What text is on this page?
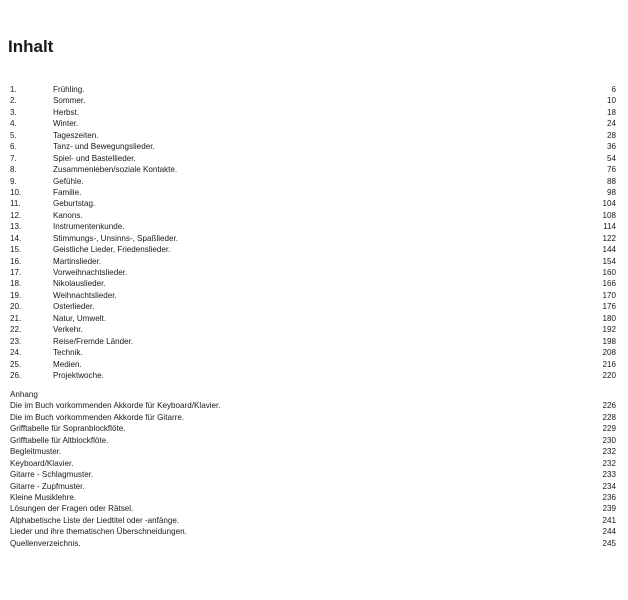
Inhalt
1.	Frühling.	6
2.	Sommer.	10
3.	Herbst.	18
4.	Winter.	24
5.	Tageszeiten.	28
6.	Tanz- und Bewegungslieder.	36
7.	Spiel- und Bastellieder.	54
8.	Zusammenleben/soziale Kontakte.	76
9.	Gefühle.	88
10.	Familie.	98
11.	Geburtstag.	104
12.	Kanons.	108
13.	Instrumentenkunde.	114
14.	Stimmungs-, Unsinns-, Spaßlieder.	122
15.	Geistliche Lieder, Friedenslieder.	144
16.	Martinslieder.	154
17.	Vorweihnachtslieder.	160
18.	Nikolauslieder.	166
19.	Weihnachtslieder.	170
20.	Osterlieder.	176
21.	Natur, Umwelt.	180
22.	Verkehr.	192
23.	Reise/Fremde Länder.	198
24.	Technik.	208
25.	Medien.	216
26.	Projektwoche.	220
Anhang
Die im Buch vorkommenden Akkorde für Keyboard/Klavier.	226
Die im Buch vorkommenden Akkorde für Gitarre.	228
Grifftabelle für Sopranblockflöte.	229
Grifftabelle für Altblockflöte.	230
Begleitmuster.	232
Keyboard/Klavier.	232
Gitarre - Schlagmuster.	233
Gitarre - Zupfmuster.	234
Kleine Musiklehre.	236
Lösungen der Fragen oder Rätsel.	239
Alphabetische Liste der Liedtitel oder -anfänge.	241
Lieder und ihre thematischen Überschneidungen.	244
Quellenverzeichnis.	245
